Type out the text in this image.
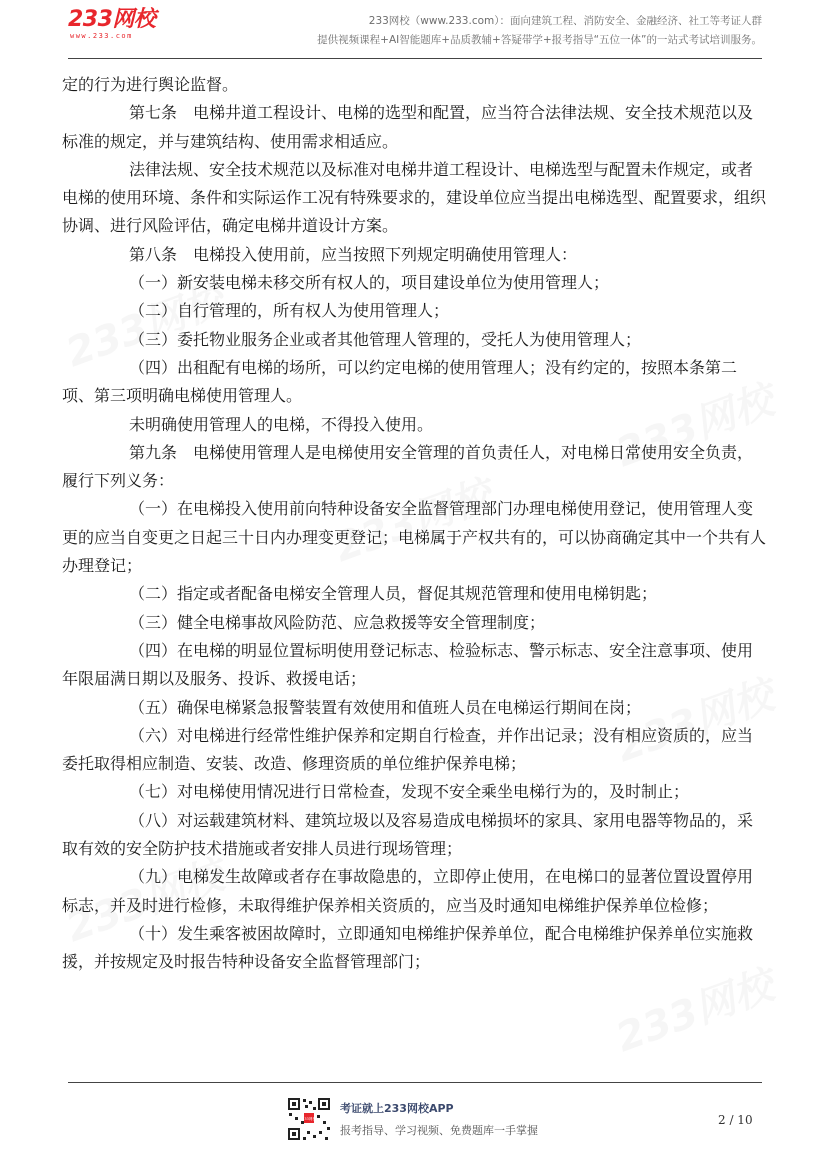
233网校
www.233.com
233网校（www.233.com）：面向建筑工程、消防安全、金融经济、社工等考证人群
提供视频课程+AI智能题库+品质教辅+答疑带学+报考指导“五位一体”的一站式考试培训服务。

定的行为进行舆论监督。

第七条　电梯井道工程设计、电梯的选型和配置，应当符合法律法规、安全技术规范以及标准的规定，并与建筑结构、使用需求相适应。

法律法规、安全技术规范以及标准对电梯井道工程设计、电梯选型与配置未作规定，或者电梯的使用环境、条件和实际运作工况有特殊要求的，建设单位应当提出电梯选型、配置要求，组织协调、进行风险评估，确定电梯井道设计方案。

第八条　电梯投入使用前，应当按照下列规定明确使用管理人：

（一）新安装电梯未移交所有权人的，项目建设单位为使用管理人；

（二）自行管理的，所有权人为使用管理人；

（三）委托物业服务企业或者其他管理人管理的，受托人为使用管理人；

（四）出租配有电梯的场所，可以约定电梯的使用管理人；没有约定的，按照本条第二项、第三项明确电梯使用管理人。

未明确使用管理人的电梯，不得投入使用。

第九条　电梯使用管理人是电梯使用安全管理的首负责任人，对电梯日常使用安全负责，履行下列义务：

（一）在电梯投入使用前向特种设备安全监督管理部门办理电梯使用登记，使用管理人变更的应当自变更之日起三十日内办理变更登记；电梯属于产权共有的，可以协商确定其中一个共有人办理登记；

（二）指定或者配备电梯安全管理人员，督促其规范管理和使用电梯钥匙；

（三）健全电梯事故风险防范、应急救援等安全管理制度；

（四）在电梯的明显位置标明使用登记标志、检验标志、警示标志、安全注意事项、使用年限届满日期以及服务、投诉、救援电话；

（五）确保电梯紧急报警装置有效使用和值班人员在电梯运行期间在岗；

（六）对电梯进行经常性维护保养和定期自行检查，并作出记录；没有相应资质的，应当委托取得相应制造、安装、改造、修理资质的单位维护保养电梯；

（七）对电梯使用情况进行日常检查，发现不安全乘坐电梯行为的，及时制止；

（八）对运载建筑材料、建筑垃圾以及容易造成电梯损坏的家具、家用电器等物品的，采取有效的安全防护技术措施或者安排人员进行现场管理；

（九）电梯发生故障或者存在事故隐患的，立即停止使用，在电梯口的显著位置设置停用标志，并及时进行检修，未取得维护保养相关资质的，应当及时通知电梯维护保养单位检修；

（十）发生乘客被困故障时，立即通知电梯维护保养单位，配合电梯维护保养单位实施救援，并按规定及时报告特种设备安全监督管理部门；

233网校
考证就上233网校APP
报考指导、学习视频、免费题库一手掌握
2 / 10
